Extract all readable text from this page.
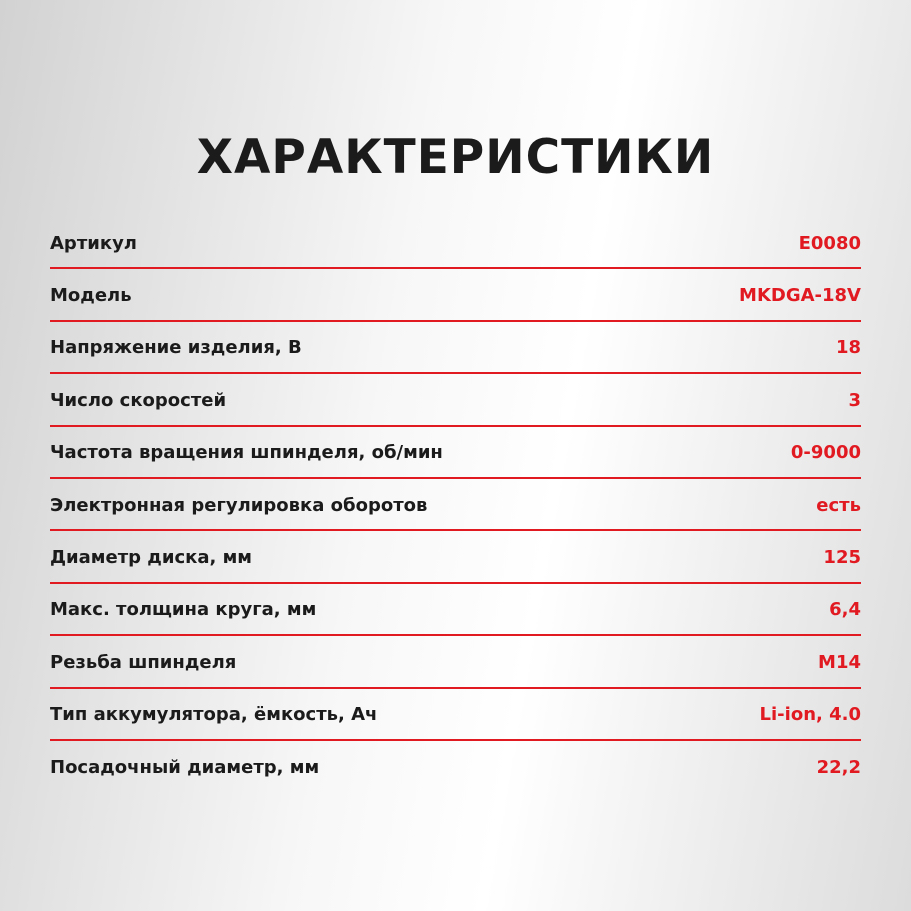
ХАРАКТЕРИСТИКИ
Артикул	E0080
Модель	MKDGA-18V
Напряжение изделия, В	18
Число скоростей	3
Частота вращения шпинделя, об/мин	0-9000
Электронная регулировка оборотов	есть
Диаметр диска, мм	125
Макс. толщина круга, мм	6,4
Резьба шпинделя	M14
Тип аккумулятора, ёмкость, Ач	Li-ion, 4.0
Посадочный диаметр, мм	22,2
